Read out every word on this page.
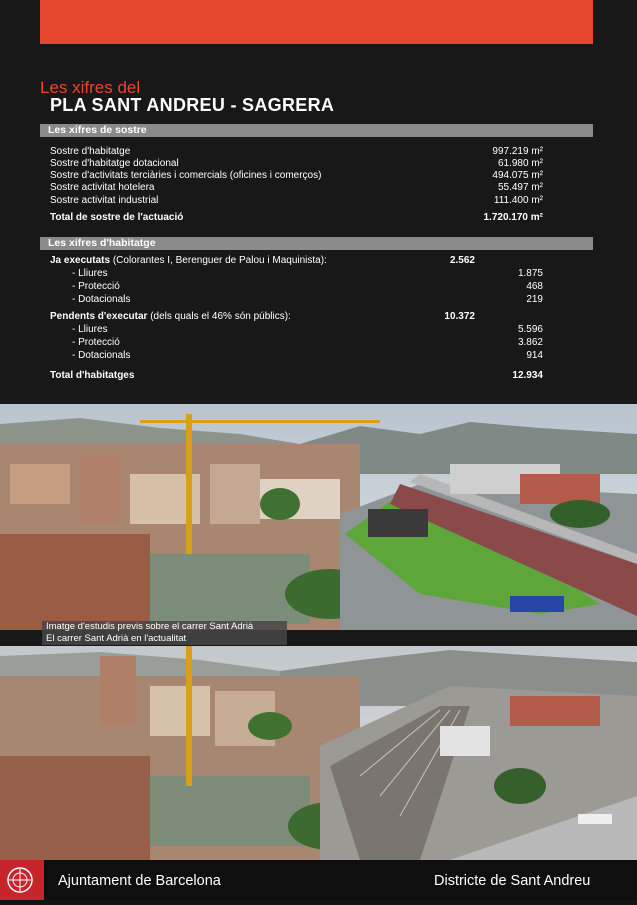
Les xifres del
PLA SANT ANDREU - SAGRERA
Les xifres de sostre
Sostre d'habitatge	997.219 m²
Sostre d'habitatge dotacional	61.980 m²
Sostre d'activitats terciàries i comercials (oficines i comerços)	494.075 m²
Sostre activitat hotelera	55.497 m²
Sostre activitat industrial	111.400 m²
Total de sostre de l'actuació	1.720.170 m²
Les xifres d'habitatge
Ja executats (Colorantes I, Berenguer de Palou i Maquinista):	2.562
- Lliures	1.875
- Protecció	468
- Dotacionals	219
Pendents d'executar (dels quals el 46% són públics):	10.372
- Lliures	5.596
- Protecció	3.862
- Dotacionals	914
Total d'habitatges	12.934
Imatge d'estudis previs sobre el carrer Sant Adrià
El carrer Sant Adrià en l'actualitat
Ajuntament de Barcelona	Districte de Sant Andreu
